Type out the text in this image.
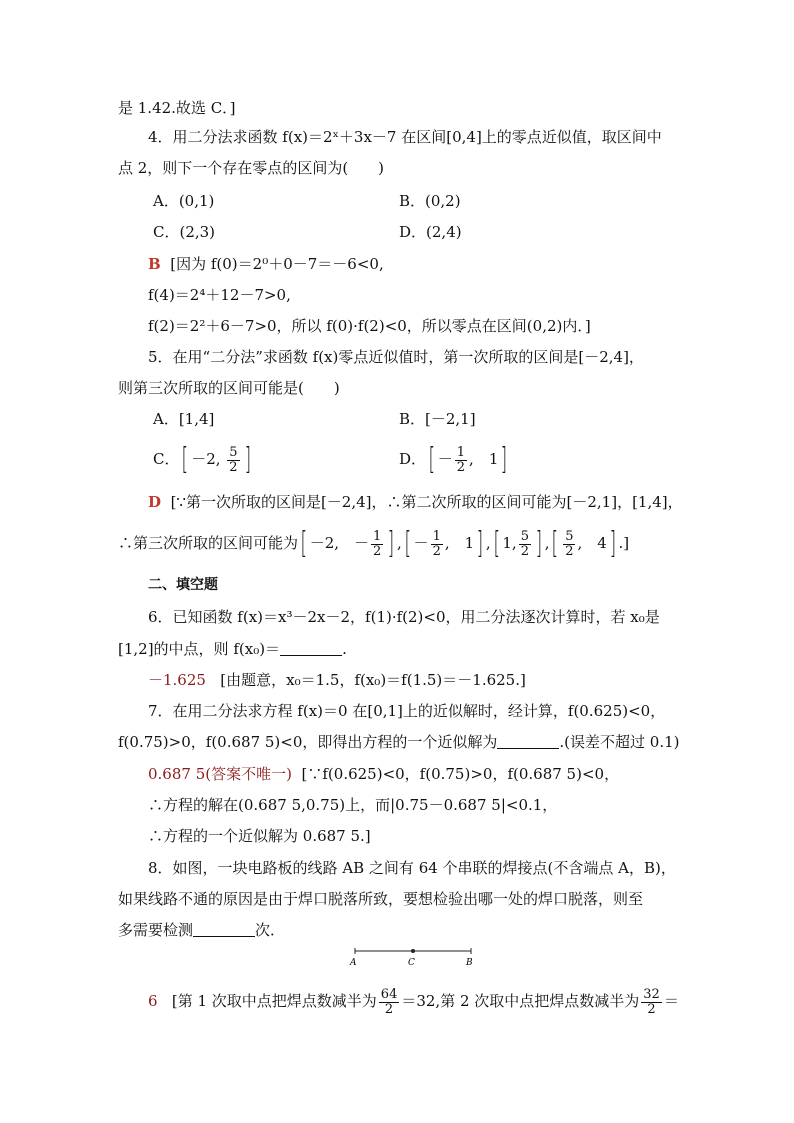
是 1.42.故选 C．]
4．用二分法求函数 f(x)＝2ˣ＋3x－7 在区间[0,4]上的零点近似值，取区间中
点 2，则下一个存在零点的区间为(　　)
A．(0,1)	B．(0,2)
C．(2,3)	D．(2,4)
B [因为 f(0)＝2⁰＋0－7＝－6<0,
f(4)＝2⁴＋12－7>0,
f(2)＝2²＋6－7>0，所以 f(0)·f(2)<0，所以零点在区间(0,2)内．]
5．在用“二分法”求函数 f(x)零点近似值时，第一次所取的区间是[－2,4]，
则第三次所取的区间可能是(　　)
A．[1,4]	B．[－2,1]
C．[ －2, $\frac{5}{2}$ ]	D．[ － $\frac{1}{2}$ ,　1]
D [∵第一次所取的区间是[－2,4]，∴第二次所取的区间可能为[－2,1]，[1,4]，
∴第三次所取的区间可能为[ －2,　－ $\frac{1}{2}$ ] ,[ － $\frac{1}{2}$ ,　1] ,[ 1, $\frac{5}{2}$ ] ,[ $\frac{5}{2}$ ,　4] .]
二、填空题
6．已知函数 f(x)＝x³－2x－2，f(1)·f(2)<0，用二分法逐次计算时，若 x₀是
[1,2]的中点，则 f(x₀)＝	.
－1.625 [由题意，x₀＝1.5，f(x₀)＝f(1.5)＝－1.625.]
7．在用二分法求方程 f(x)＝0 在[0,1]上的近似解时，经计算，f(0.625)<0，
f(0.75)>0，f(0.687 5)<0，即得出方程的一个近似解为	.(误差不超过 0.1)
0.687 5(答案不唯一) [∵f(0.625)<0，f(0.75)>0，f(0.687 5)<0，
∴方程的解在(0.687 5,0.75)上，而|0.75－0.687 5|<0.1，
∴方程的一个近似解为 0.687 5.]
8．如图，一块电路板的线路 AB 之间有 64 个串联的焊接点(不含端点 A，B)，
如果线路不通的原因是由于焊口脱落所致，要想检验出哪一处的焊口脱落，则至
多需要检测	次．
A	C	B
6 [第 1 次取中点把焊点数减半为 $\frac{64}{2} =32$,第 2 次取中点把焊点数减半为 $\frac{32}{2}$ ＝
